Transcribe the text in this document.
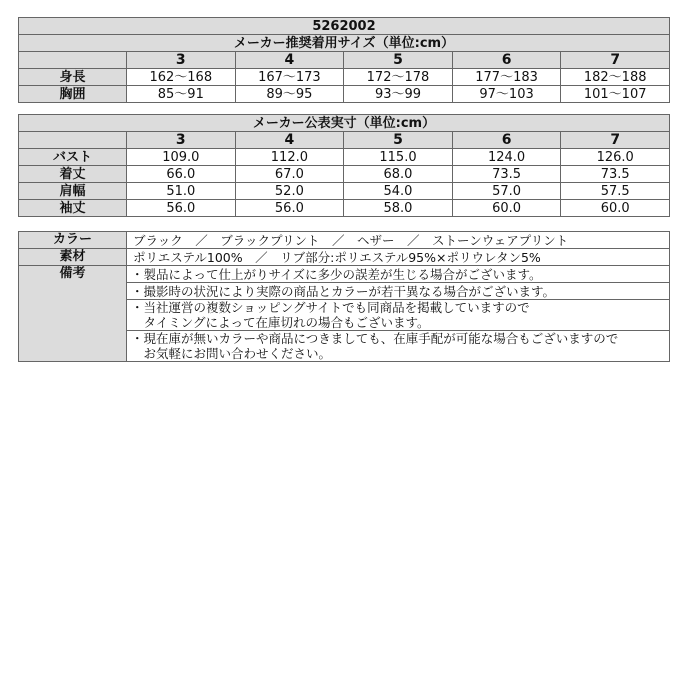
5262002					
メーカー推奨着用サイズ（単位:cm）					
	3	4	5	6	7
身長	162～168	167～173	172～178	177～183	182～188
胸囲	85～91	89～95	93～99	97～103	101～107
メーカー公表実寸（単位:cm）					
	3	4	5	6	7
バスト	109.0	112.0	115.0	124.0	126.0
着丈	66.0	67.0	68.0	73.5	73.5
肩幅	51.0	52.0	54.0	57.0	57.5
袖丈	56.0	56.0	58.0	60.0	60.0
カラー	ブラック　／　ブラックプリント　／　ヘザー　／　ストーンウェアプリント
素材	ポリエステル100%　／　リブ部分:ポリエステル95%×ポリウレタン5%
備考	・製品によって仕上がりサイズに多少の誤差が生じる場合がございます。

	・撮影時の状況により実際の商品とカラーが若干異なる場合がございます。

	・当社運営の複数ショッピングサイトでも同商品を掲載していますので
　タイミングによって在庫切れの場合もございます。

	・現在庫が無いカラーや商品につきましても、在庫手配が可能な場合もございますので
　お気軽にお問い合わせください。
